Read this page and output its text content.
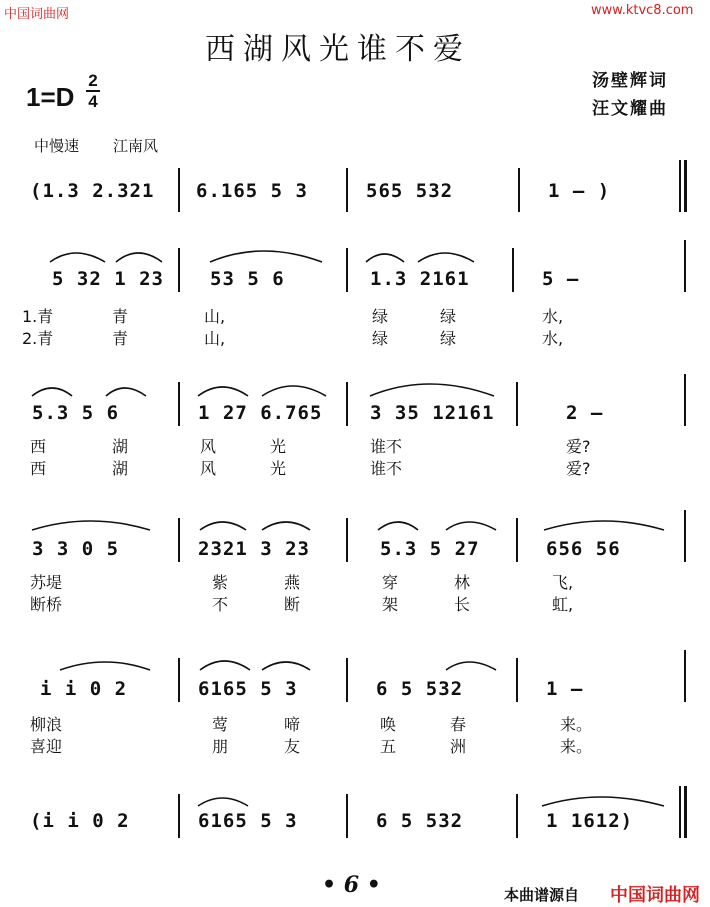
中国词曲网	www.ktvc8.com
西湖风光谁不爱
汤壁辉词
汪文耀曲
1=D
2
4
中慢速 江南风
(1.3 2.321 6.165 5 3	565 532	1 — )
5 32 1 23 53 5 6	1.3 2161	5 —
1.青	青	山,	绿	绿	水,
2.青	青	山,	绿	绿	水,
5.3 5 6	1 27 6.765	3 35 12161	2 —
西	湖	风	光	谁不	爱?
西	湖	风	光	谁不	爱?
3 3 0 5	2321 3 23	5.3 5 27	656 56
苏堤	紫	燕	穿	林	飞,
断桥	不	断	架	长	虹,
i i 0 2	6165 5 3	6 5 532	1 —
柳浪	莺	啼	唤	春	来。
喜迎	朋	友	五	洲	来。
(i i 0 2	6165 5 3	6 5 532	1 1612)
• 6 •	本曲谱源自 中国词曲网
